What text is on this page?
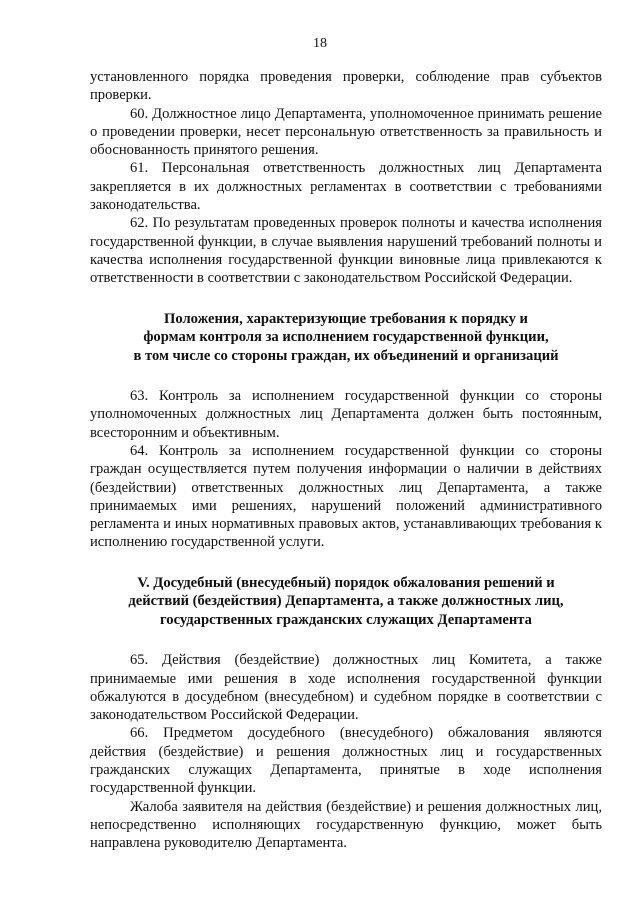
18

установленного порядка проведения проверки, соблюдение прав субъектов проверки.

60. Должностное лицо Департамента, уполномоченное принимать решение о проведении проверки, несет персональную ответственность за правильность и обоснованность принятого решения.

61. Персональная ответственность должностных лиц Департамента закрепляется в их должностных регламентах в соответствии с требованиями законодательства.

62. По результатам проведенных проверок полноты и качества исполнения государственной функции, в случае выявления нарушений требований полноты и качества исполнения государственной функции виновные лица привлекаются к ответственности в соответствии с законодательством Российской Федерации.

Положения, характеризующие требования к порядку и
формам контроля за исполнением государственной функции,
в том числе со стороны граждан, их объединений и организаций

63. Контроль за исполнением государственной функции со стороны уполномоченных должностных лиц Департамента должен быть постоянным, всесторонним и объективным.

64. Контроль за исполнением государственной функции со стороны граждан осуществляется путем получения информации о наличии в действиях (бездействии) ответственных должностных лиц Департамента, а также принимаемых ими решениях, нарушений положений административного регламента и иных нормативных правовых актов, устанавливающих требования к исполнению государственной услуги.

V. Досудебный (внесудебный) порядок обжалования решений и
действий (бездействия) Департамента, а также должностных лиц,
государственных гражданских служащих Департамента

65. Действия (бездействие) должностных лиц Комитета, а также принимаемые ими решения в ходе исполнения государственной функции обжалуются в досудебном (внесудебном) и судебном порядке в соответствии с законодательством Российской Федерации.

66. Предметом досудебного (внесудебного) обжалования являются действия (бездействие) и решения должностных лиц и государственных гражданских служащих Департамента, принятые в ходе исполнения государственной функции.

Жалоба заявителя на действия (бездействие) и решения должностных лиц, непосредственно исполняющих государственную функцию, может быть направлена руководителю Департамента.
